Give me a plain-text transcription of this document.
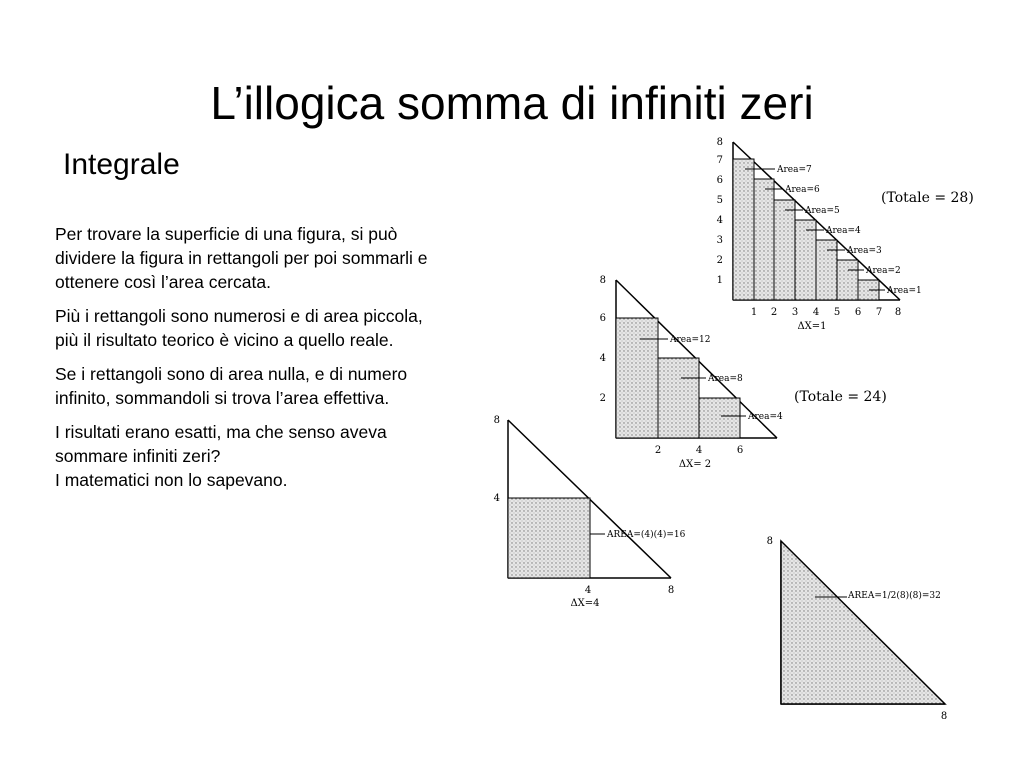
L’illogica somma di infiniti zeri
Integrale

Per trovare la superficie di una figura, si può dividere la figura in rettangoli per poi sommarli e ottenere così l’area cercata.

Più i rettangoli sono numerosi e di area piccola, più il risultato teorico è vicino a quello reale.

Se i rettangoli sono di area nulla, e di numero infinito, sommandoli si trova l’area effettiva.

I risultati erano esatti, ma che senso aveva sommare infiniti zeri?
I matematici non lo sapevano.

8
7
6
5
4
3
2
1
1 2 3 4 5 6 7 8
ΔX=1
Area=7
Area=6
Area=5
Area=4
Area=3
Area=2
Area=1
(Totale = 28)
8
6
4
2
2	4	6
ΔX= 2
Area=12
Area=8
Area=4
(Totale = 24)
8
4
4	8
ΔX=4
AREA=(4)(4)=16
8
8
AREA=1/2(8)(8)=32
